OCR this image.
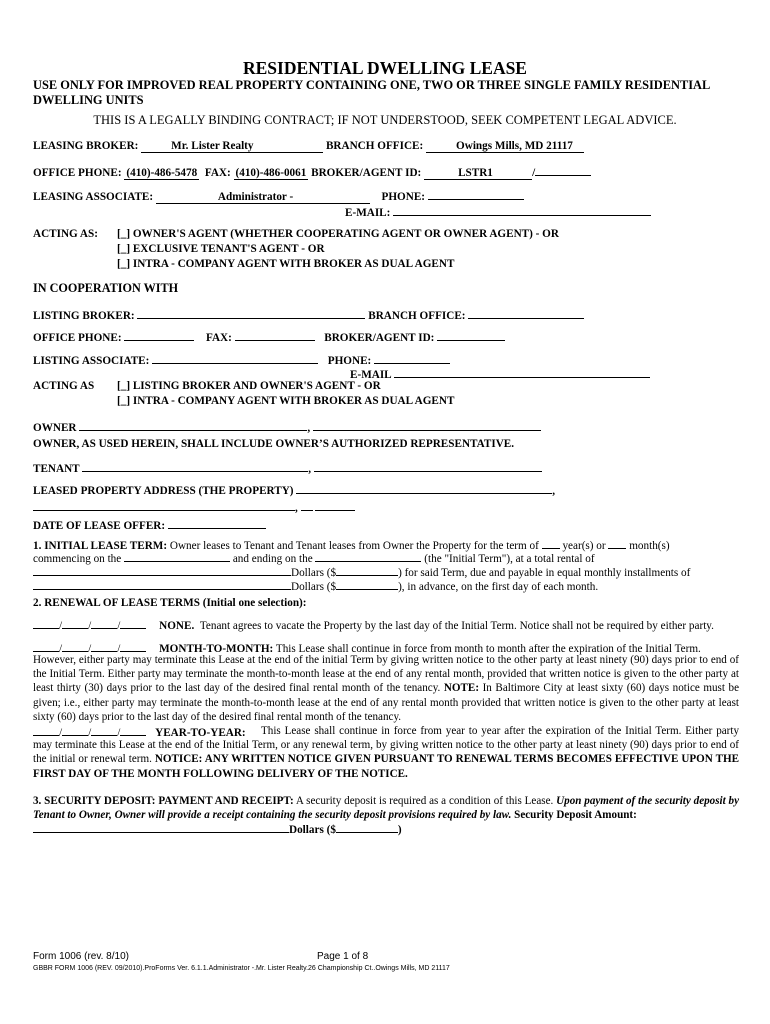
RESIDENTIAL DWELLING LEASE
USE ONLY FOR IMPROVED REAL PROPERTY CONTAINING ONE, TWO OR THREE SINGLE FAMILY RESIDENTIAL
DWELLING UNITS
THIS IS A LEGALLY BINDING CONTRACT; IF NOT UNDERSTOOD, SEEK COMPETENT LEGAL ADVICE.
LEASING BROKER:	Mr. Lister Realty	BRANCH OFFICE:	Owings Mills, MD 21117
OFFICE PHONE: (410)-486-5478 FAX: (410)-486-0061 BROKER/AGENT ID:	LSTR1	/
LEASING ASSOCIATE:	Administrator -	PHONE:
E-MAIL:
ACTING AS: [_] OWNER'S AGENT (WHETHER COOPERATING AGENT OR OWNER AGENT) - OR
[_] EXCLUSIVE TENANT'S AGENT - OR
[_] INTRA - COMPANY AGENT WITH BROKER AS DUAL AGENT
IN COOPERATION WITH
LISTING BROKER:	BRANCH OFFICE:
OFFICE PHONE:	FAX:	BROKER/AGENT ID:
LISTING ASSOCIATE:	PHONE:
E-MAIL
ACTING AS [_] LISTING BROKER AND OWNER'S AGENT - OR
[_] INTRA - COMPANY AGENT WITH BROKER AS DUAL AGENT
OWNER	,
OWNER, AS USED HEREIN, SHALL INCLUDE OWNER’S AUTHORIZED REPRESENTATIVE.
TENANT	,
LEASED PROPERTY ADDRESS (THE PROPERTY)	,
,
DATE OF LEASE OFFER:
1. INITIAL LEASE TERM: Owner leases to Tenant and Tenant leases from Owner the Property for the term of  year(s) or  month(s)
commencing on the	and ending on the	(the "Initial Term"), at a total rental of
Dollars ($	) for said Term, due and payable in equal monthly installments of
Dollars ($	), in advance, on the first day of each month.
2. RENEWAL OF LEASE TERMS (Initial one selection):
/ / /	NONE. Tenant agrees to vacate the Property by the last day of the Initial Term. Notice shall not be required by either party.
/ / /	MONTH-TO-MONTH: This Lease shall continue in force from month to month after the expiration of the Initial Term.
However, either party may terminate this Lease at the end of the initial Term by giving written notice to the other party at least ninety (90) days prior to end of the Initial Term. Either party may terminate the month-to-month lease at the end of any rental month, provided that written notice is given to the other party at least thirty (30) days prior to the last day of the desired final rental month of the tenancy. NOTE: In Baltimore City at least sixty (60) days notice must be given; i.e., either party may terminate the month-to-month lease at the end of any rental month provided that written notice is given to the other party at least sixty (60) days prior to the last day of the desired final rental month of the tenancy.
/ / /	YEAR-TO-YEAR:	This Lease shall continue in force from year to year after the expiration of the Initial Term. Either party may terminate this Lease at the end of the Initial Term, or any renewal term, by giving written notice to the other party at least ninety (90) days prior to end of the initial or renewal term. NOTICE: ANY WRITTEN NOTICE GIVEN PURSUANT TO RENEWAL TERMS BECOMES EFFECTIVE UPON THE FIRST DAY OF THE MONTH FOLLOWING DELIVERY OF THE NOTICE.
3. SECURITY DEPOSIT: PAYMENT AND RECEIPT: A security deposit is required as a condition of this Lease. Upon payment of the security deposit by Tenant to Owner, Owner will provide a receipt containing the security deposit provisions required by law. Security Deposit Amount:
Dollars ($	)
Form 1006 (rev. 8/10)	Page 1 of 8
GBBR FORM 1006 (REV. 09/2010).ProForms Ver. 6.1.1.Administrator -.Mr. Lister Realty.26 Championship Ct..Owings Mills, MD 21117
